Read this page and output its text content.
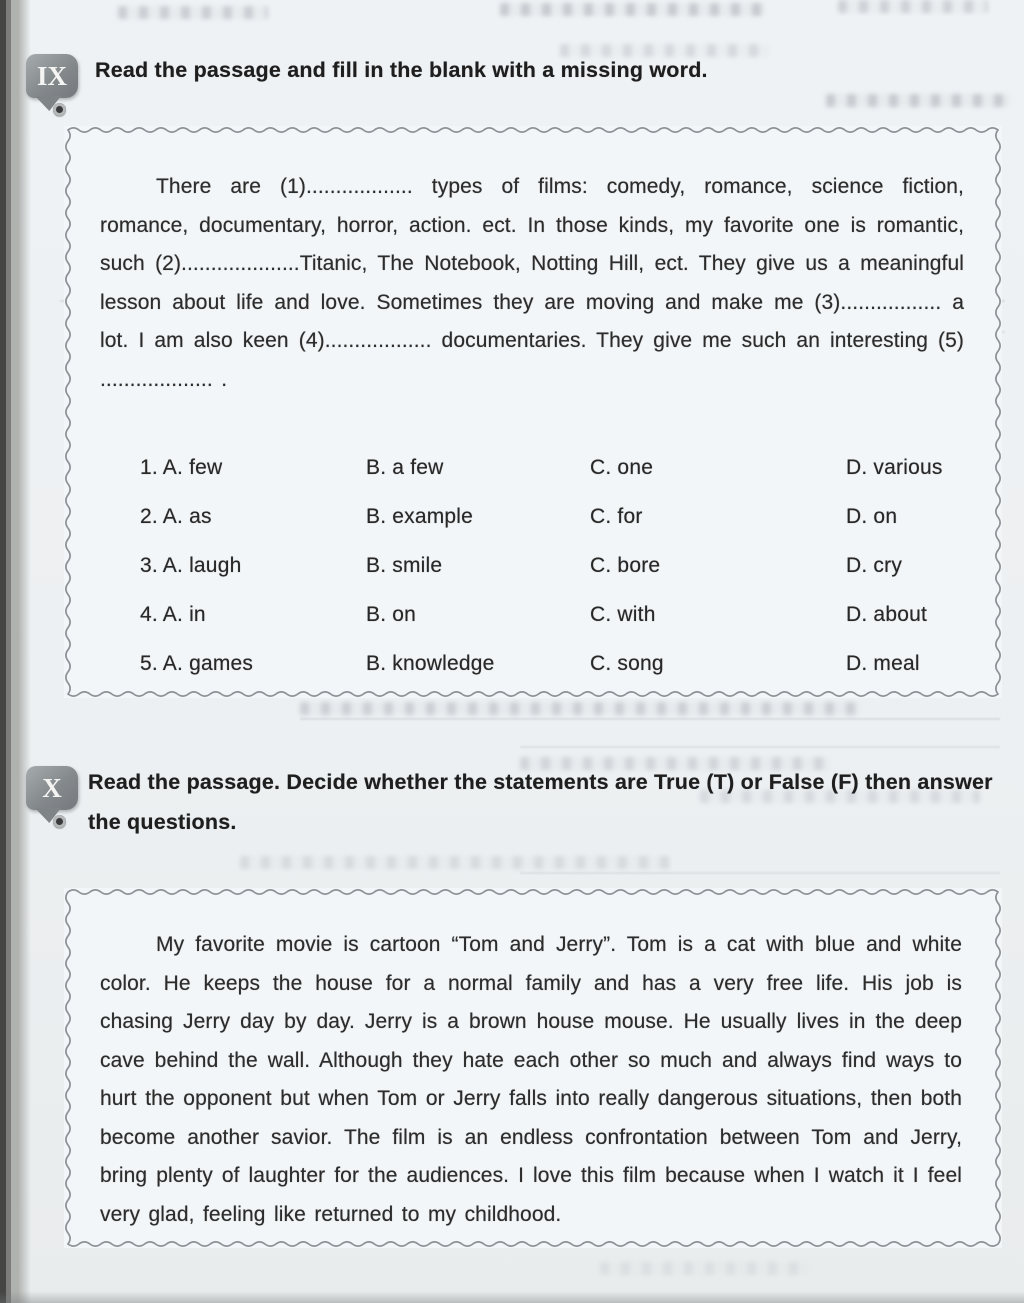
IX Read the passage and fill in the blank with a missing word.

There are (1).................. types of films: comedy, romance, science fiction, romance, documentary, horror, action. ect. In those kinds, my favorite one is romantic, such (2)....................Titanic, The Notebook, Notting Hill, ect. They give us a meaningful lesson about life and love. Sometimes they are moving and make me (3)................. a lot. I am also keen (4).................. documentaries. They give me such an interesting (5) ................... .

1. A. few	B. a few	C. one	D. various
2. A. as	B. example	C. for	D. on
3. A. laugh	B. smile	C. bore	D. cry
4. A. in	B. on	C. with	D. about
5. A. games	B. knowledge	C. song	D. meal
X Read the passage. Decide whether the statements are True (T) or False (F) then answer the questions.

My favorite movie is cartoon “Tom and Jerry”. Tom is a cat with blue and white color. He keeps the house for a normal family and has a very free life. His job is chasing Jerry day by day. Jerry is a brown house mouse. He usually lives in the deep cave behind the wall. Although they hate each other so much and always find ways to hurt the opponent but when Tom or Jerry falls into really dangerous situations, then both become another savior. The film is an endless confrontation between Tom and Jerry, bring plenty of laughter for the audiences. I love this film because when I watch it I feel very glad, feeling like returned to my childhood.
